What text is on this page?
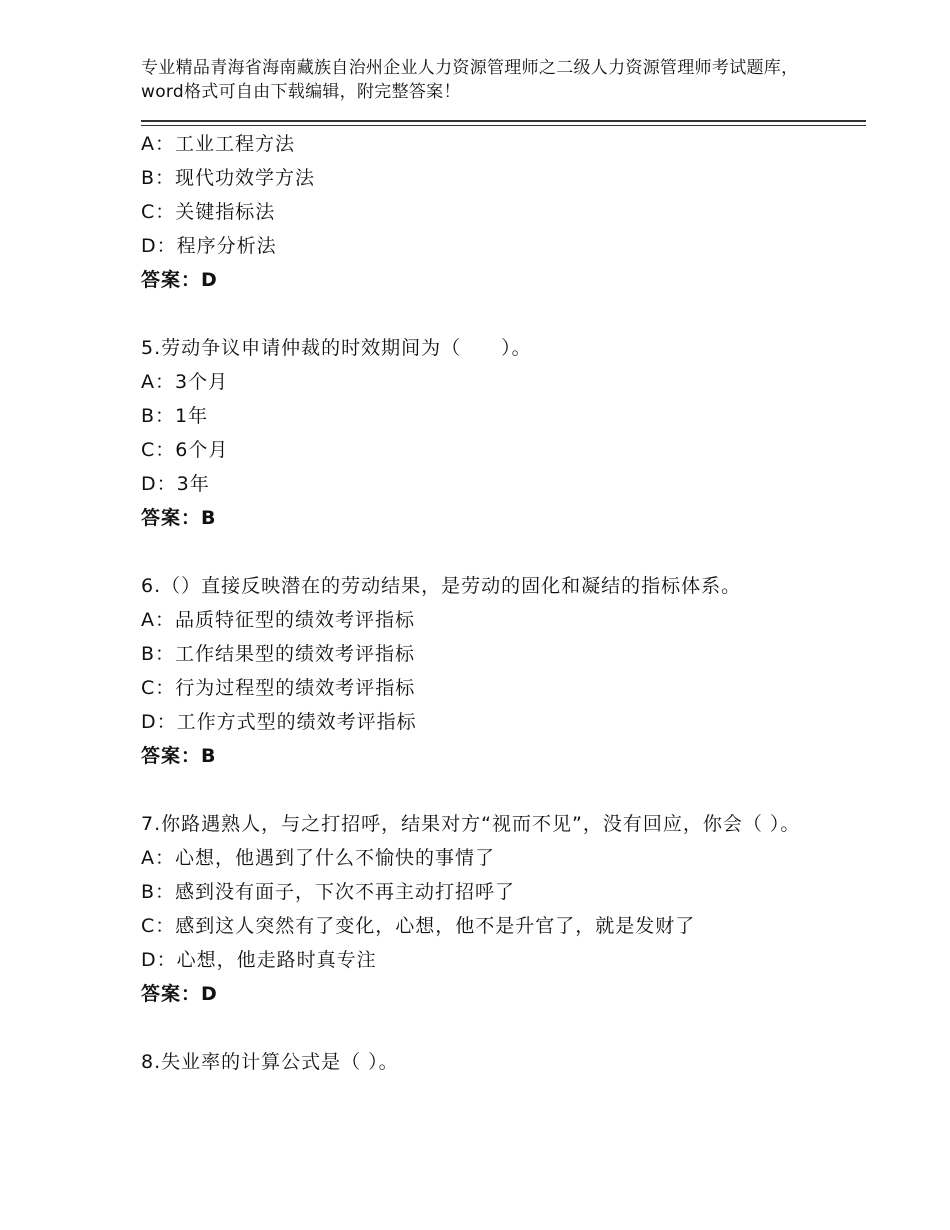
专业精品青海省海南藏族自治州企业人力资源管理师之二级人力资源管理师考试题库，word格式可自由下载编辑，附完整答案！
A：工业工程方法
B：现代功效学方法
C：关键指标法
D：程序分析法
答案：D
5.劳动争议申请仲裁的时效期间为（　　）。
A：3个月
B：1年
C：6个月
D：3年
答案：B
6.（）直接反映潜在的劳动结果，是劳动的固化和凝结的指标体系。
A：品质特征型的绩效考评指标
B：工作结果型的绩效考评指标
C：行为过程型的绩效考评指标
D：工作方式型的绩效考评指标
答案：B
7.你路遇熟人，与之打招呼，结果对方“视而不见”，没有回应，你会（ ）。
A：心想，他遇到了什么不愉快的事情了
B：感到没有面子，下次不再主动打招呼了
C：感到这人突然有了变化，心想，他不是升官了，就是发财了
D：心想，他走路时真专注
答案：D
8.失业率的计算公式是（ ）。
